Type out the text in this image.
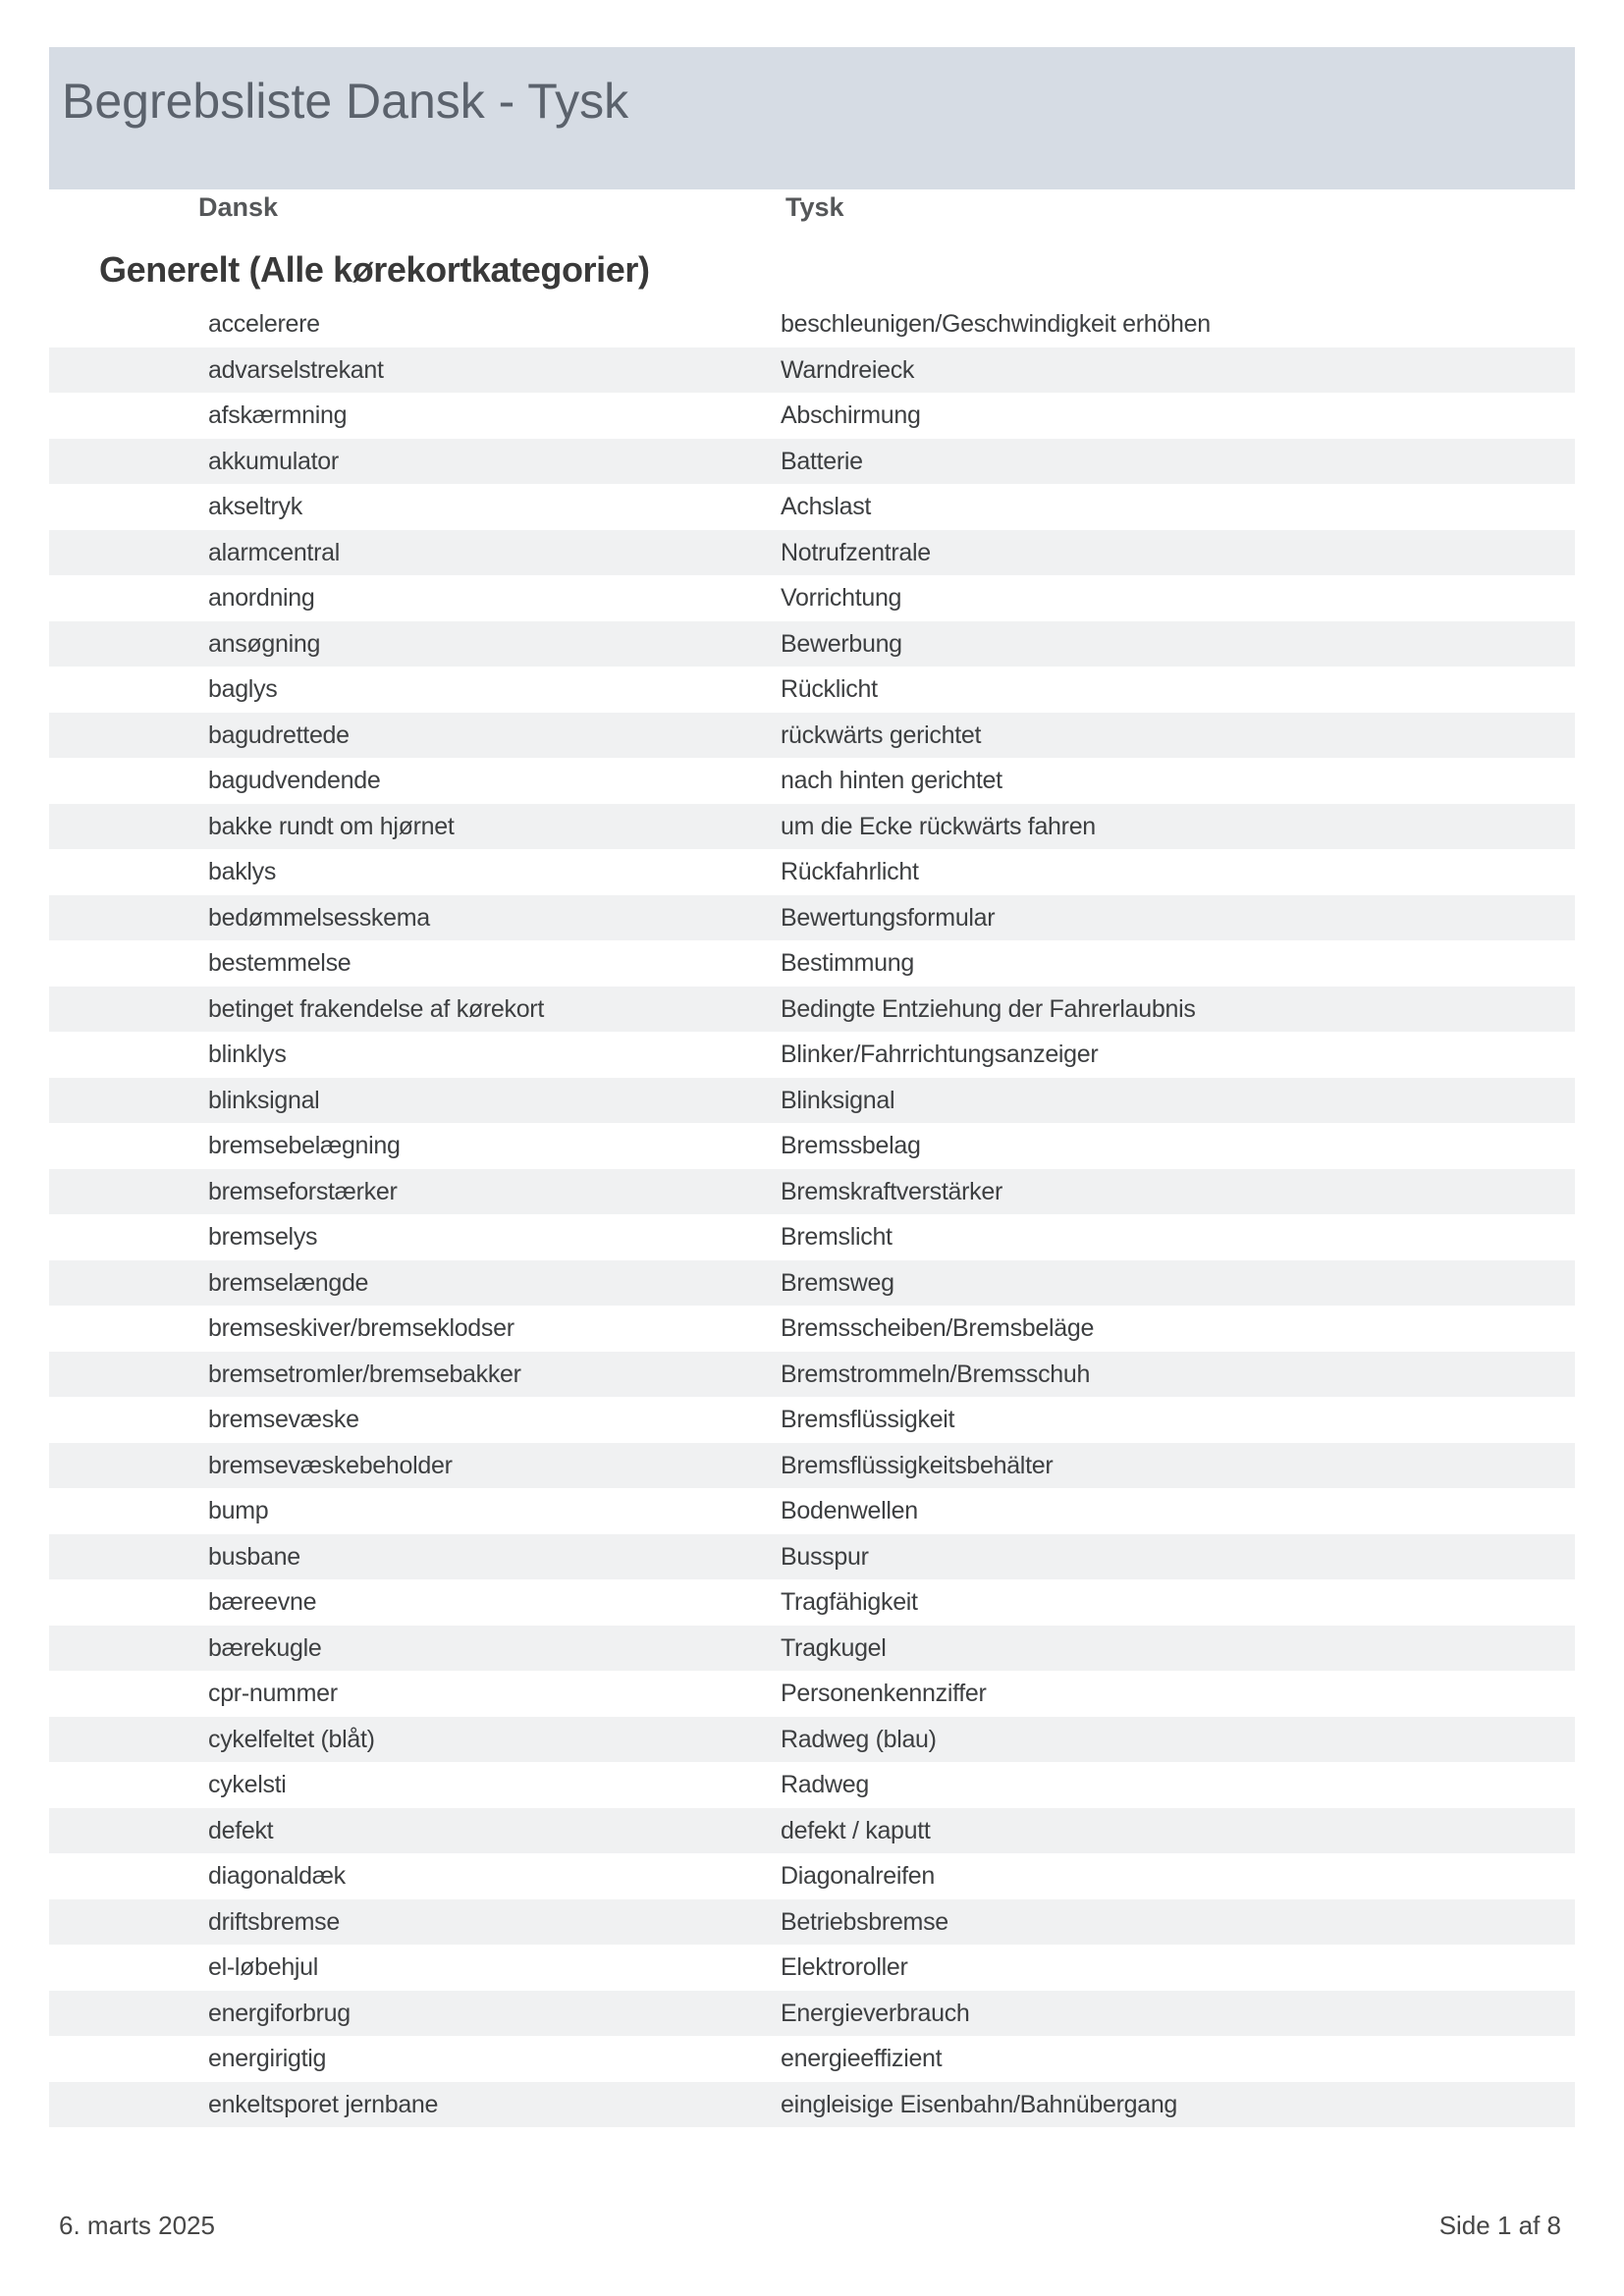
Begrebsliste Dansk - Tysk
Dansk	Tysk
Generelt (Alle kørekortkategorier)
accelerere	beschleunigen/Geschwindigkeit erhöhen
advarselstrekant	Warndreieck
afskærmning	Abschirmung
akkumulator	Batterie
akseltryk	Achslast
alarmcentral	Notrufzentrale
anordning	Vorrichtung
ansøgning	Bewerbung
baglys	Rücklicht
bagudrettede	rückwärts gerichtet
bagudvendende	nach hinten gerichtet
bakke rundt om hjørnet	um die Ecke rückwärts fahren
baklys	Rückfahrlicht
bedømmelsesskema	Bewertungsformular
bestemmelse	Bestimmung
betinget frakendelse af kørekort	Bedingte Entziehung der Fahrerlaubnis
blinklys	Blinker/Fahrrichtungsanzeiger
blinksignal	Blinksignal
bremsebelægning	Bremssbelag
bremseforstærker	Bremskraftverstärker
bremselys	Bremslicht
bremselængde	Bremsweg
bremseskiver/bremseklodser	Bremsscheiben/Bremsbeläge
bremsetromler/bremsebakker	Bremstrommeln/Bremsschuh
bremsevæske	Bremsflüssigkeit
bremsevæskebeholder	Bremsflüssigkeitsbehälter
bump	Bodenwellen
busbane	Busspur
bæreevne	Tragfähigkeit
bærekugle	Tragkugel
cpr-nummer	Personenkennziffer
cykelfeltet (blåt)	Radweg (blau)
cykelsti	Radweg
defekt	defekt / kaputt
diagonaldæk	Diagonalreifen
driftsbremse	Betriebsbremse
el-løbehjul	Elektroroller
energiforbrug	Energieverbrauch
energirigtig	energieeffizient
enkeltsporet jernbane	eingleisige Eisenbahn/Bahnübergang
6. marts 2025	Side 1 af 8
